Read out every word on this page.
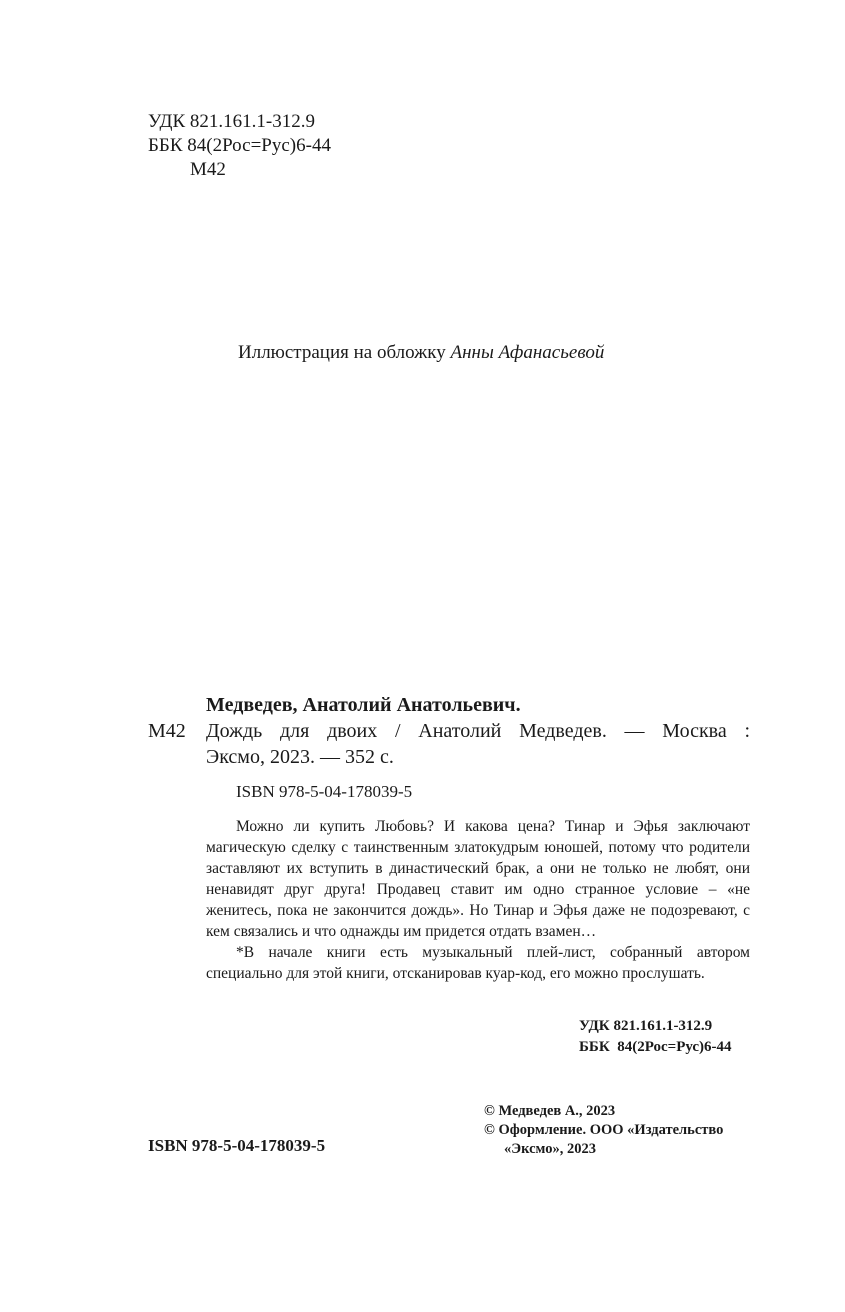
УДК 821.161.1-312.9
ББК 84(2Рос=Рус)6-44
М42
Иллюстрация на обложку Анны Афанасьевой
Медведев, Анатолий Анатольевич.
М42 Дождь для двоих / Анатолий Медведев. — Москва :
Эксмо, 2023. — 352 с.
ISBN 978-5-04-178039-5

Можно ли купить Любовь? И какова цена? Тинар и Эфья заключают магическую сделку с таинственным златокудрым юношей, потому что родители заставляют их вступить в династический брак, а они не только не любят, они ненавидят друг друга! Продавец ставит им одно странное условие – «не женитесь, пока не закончится дождь». Но Тинар и Эфья даже не подозревают, с кем связались и что однажды им придется отдать взамен…

*В начале книги есть музыкальный плей-лист, собранный автором специально для этой книги, отсканировав куар-код, его можно прослушать.

УДК 821.161.1-312.9
ББК  84(2Рос=Рус)6-44
ISBN 978-5-04-178039-5
© Медведев А., 2023
© Оформление. ООО «Издательство
«Эксмо», 2023
